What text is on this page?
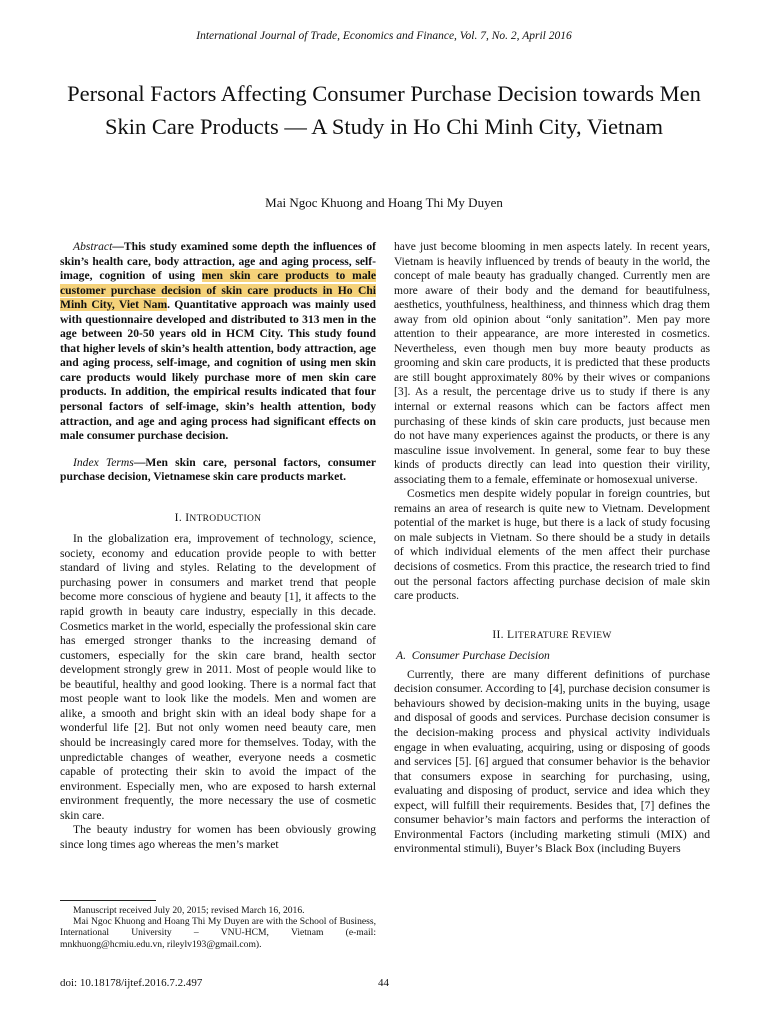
International Journal of Trade, Economics and Finance, Vol. 7, No. 2, April 2016
Personal Factors Affecting Consumer Purchase Decision towards Men Skin Care Products — A Study in Ho Chi Minh City, Vietnam
Mai Ngoc Khuong and Hoang Thi My Duyen

Abstract—This study examined some depth the influences of skin’s health care, body attraction, age and aging process, self-image, cognition of using men skin care products to male customer purchase decision of skin care products in Ho Chi Minh City, Viet Nam. Quantitative approach was mainly used with questionnaire developed and distributed to 313 men in the age between 20-50 years old in HCM City. This study found that higher levels of skin’s health attention, body attraction, age and aging process, self-image, and cognition of using men skin care products would likely purchase more of men skin care products. In addition, the empirical results indicated that four personal factors of self-image, skin’s health attention, body attraction, and age and aging process had significant effects on male consumer purchase decision.

Index Terms—Men skin care, personal factors, consumer purchase decision, Vietnamese skin care products market.

I. INTRODUCTION

In the globalization era, improvement of technology, science, society, economy and education provide people to with better standard of living and styles. Relating to the development of purchasing power in consumers and market trend that people become more conscious of hygiene and beauty [1], it affects to the rapid growth in beauty care industry, especially in this decade. Cosmetics market in the world, especially the professional skin care has emerged stronger thanks to the increasing demand of customers, especially for the skin care brand, health sector development strongly grew in 2011. Most of people would like to be beautiful, healthy and good looking. There is a normal fact that most people want to look like the models. Men and women are alike, a smooth and bright skin with an ideal body shape for a wonderful life [2]. But not only women need beauty care, men should be increasingly cared more for themselves. Today, with the unpredictable changes of weather, everyone needs a cosmetic capable of protecting their skin to avoid the impact of the environment. Especially men, who are exposed to harsh external environment frequently, the more necessary the use of cosmetic skin care.

The beauty industry for women has been obviously growing since long times ago whereas the men’s market

have just become blooming in men aspects lately. In recent years, Vietnam is heavily influenced by trends of beauty in the world, the concept of male beauty has gradually changed. Currently men are more aware of their body and the demand for beautifulness, aesthetics, youthfulness, healthiness, and thinness which drag them away from old opinion about “only sanitation”. Men pay more attention to their appearance, are more interested in cosmetics. Nevertheless, even though men buy more beauty products as grooming and skin care products, it is predicted that these products are still bought approximately 80% by their wives or companions [3]. As a result, the percentage drive us to study if there is any internal or external reasons which can be factors affect men purchasing of these kinds of skin care products, just because men do not have many experiences against the products, or there is any masculine issue involvement. In general, some fear to buy these kinds of products directly can lead into question their virility, associating them to a female, effeminate or homosexual universe.

Cosmetics men despite widely popular in foreign countries, but remains an area of research is quite new to Vietnam. Development potential of the market is huge, but there is a lack of study focusing on male subjects in Vietnam. So there should be a study in details of which individual elements of the men affect their purchase decisions of cosmetics. From this practice, the research tried to find out the personal factors affecting purchase decision of male skin care products.

II. LITERATURE REVIEW
A. Consumer Purchase Decision

Currently, there are many different definitions of purchase decision consumer. According to [4], purchase decision consumer is behaviours showed by decision-making units in the buying, usage and disposal of goods and services. Purchase decision consumer is the decision-making process and physical activity individuals engage in when evaluating, acquiring, using or disposing of goods and services [5]. [6] argued that consumer behavior is the behavior that consumers expose in searching for purchasing, using, evaluating and disposing of product, service and idea which they expect, will fulfill their requirements. Besides that, [7] defines the consumer behavior’s main factors and performs the interaction of Environmental Factors (including marketing stimuli (MIX) and environmental stimuli), Buyer’s Black Box (including Buyers

Manuscript received July 20, 2015; revised March 16, 2016.

Mai Ngoc Khuong and Hoang Thi My Duyen are with the School of Business, International University – VNU-HCM, Vietnam (e-mail: mnkhuong@hcmiu.edu.vn, rileylv193@gmail.com).

doi: 10.18178/ijtef.2016.7.2.497	44
